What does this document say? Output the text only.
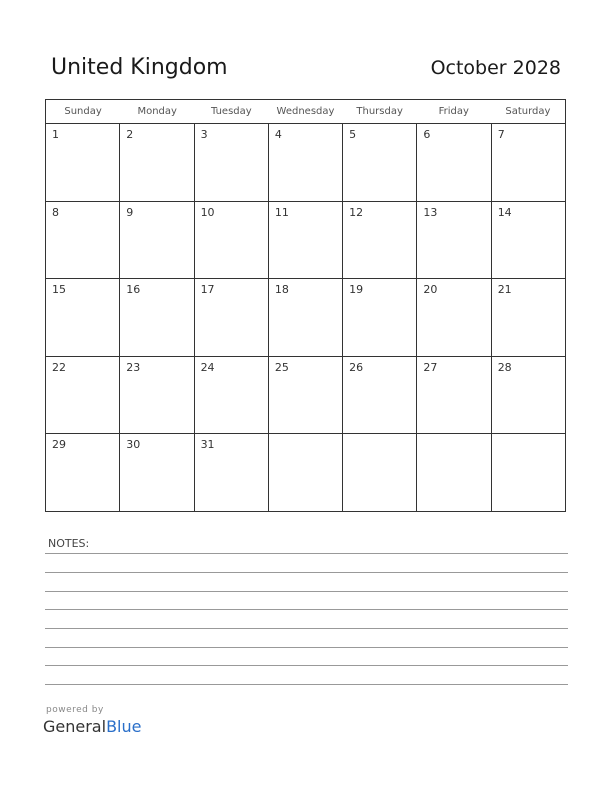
United Kingdom	October 2028
Sunday	Monday	Tuesday	Wednesday	Thursday	Friday	Saturday
1	2	3	4	5	6	7
8	9	10	11	12	13	14
15	16	17	18	19	20	21
22	23	24	25	26	27	28
29	30	31
NOTES:
powered by
GeneralBlue
